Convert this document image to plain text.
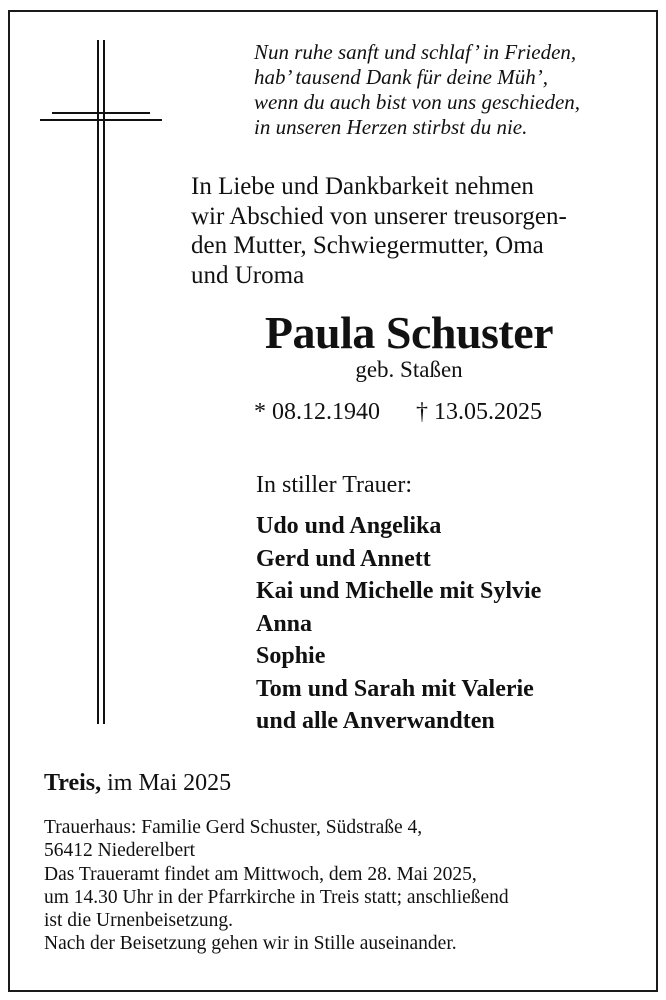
Nun ruhe sanft und schlaf’ in Frieden,
hab’ tausend Dank für deine Müh’,
wenn du auch bist von uns geschieden,
in unseren Herzen stirbst du nie.
In Liebe und Dankbarkeit nehmen
wir Abschied von unserer treusorgen-
den Mutter, Schwiegermutter, Oma
und Uroma
Paula Schuster
geb. Staßen
* 08.12.1940 † 13.05.2025
In stiller Trauer:
Udo und Angelika
Gerd und Annett
Kai und Michelle mit Sylvie
Anna
Sophie
Tom und Sarah mit Valerie
und alle Anverwandten
Treis, im Mai 2025
Trauerhaus: Familie Gerd Schuster, Südstraße 4,
56412 Niederelbert
Das Traueramt findet am Mittwoch, dem 28. Mai 2025,
um 14.30 Uhr in der Pfarrkirche in Treis statt; anschließend
ist die Urnenbeisetzung.
Nach der Beisetzung gehen wir in Stille auseinander.
